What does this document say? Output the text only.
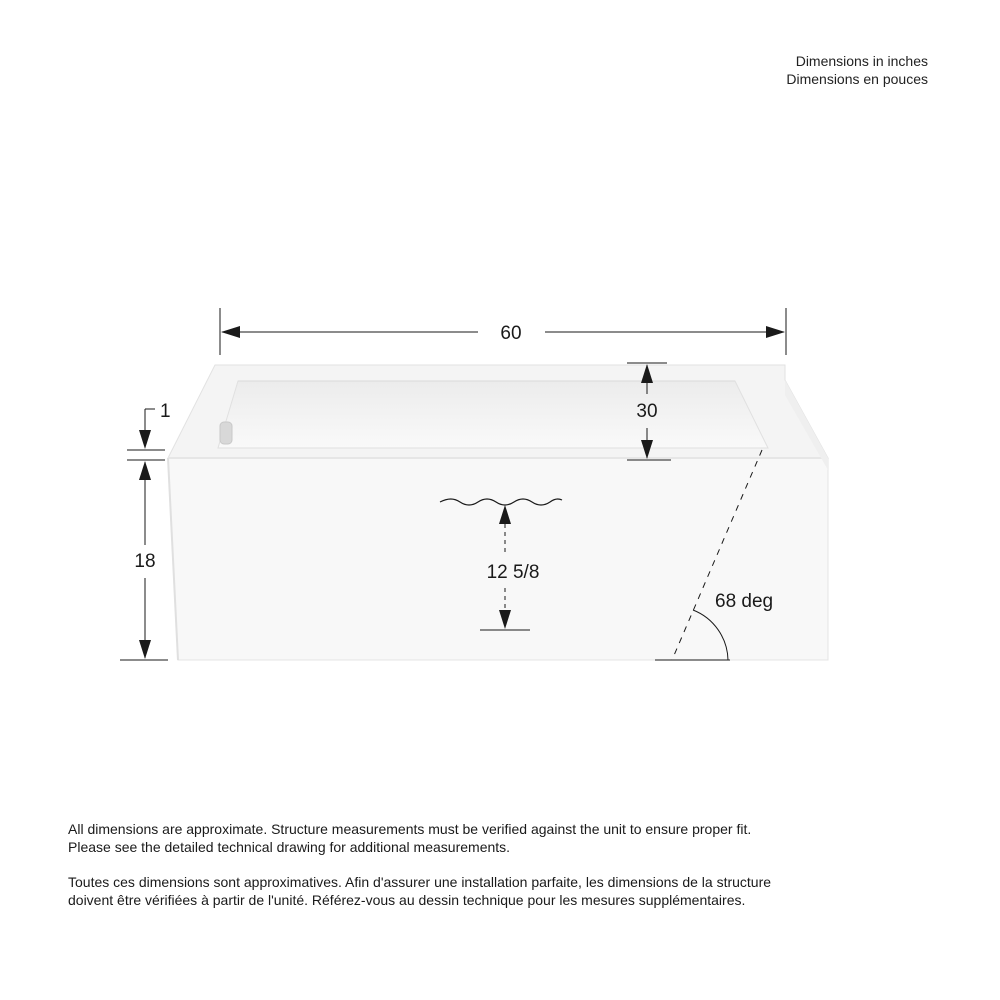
Dimensions in inches
Dimensions en pouces
60
30
1
18
12 5/8
68 deg

All dimensions are approximate. Structure measurements must be verified against the unit to ensure proper fit. Please see the detailed technical drawing for additional measurements.

Toutes ces dimensions sont approximatives. Afin d'assurer une installation parfaite, les dimensions de la structure doivent être vérifiées à partir de l'unité. Référez-vous au dessin technique pour les mesures supplémentaires.
